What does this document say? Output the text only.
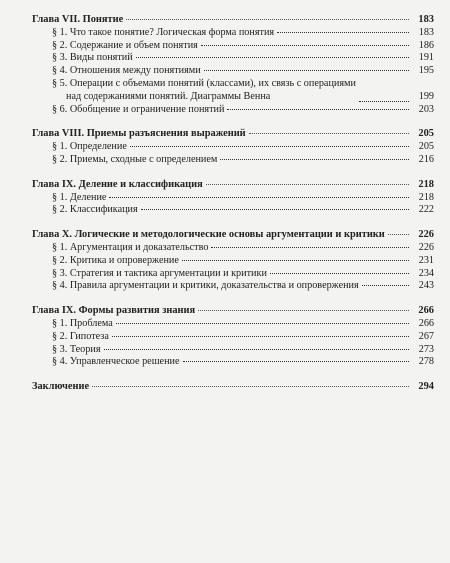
Глава VII. Понятие	183
§ 1. Что такое понятие? Логическая форма понятия	183
§ 2. Содержание и объем понятия	186
§ 3. Виды понятий	191
§ 4. Отношения между понятиями	195
§ 5. Операции с объемами понятий (классами), их связь с операциями
над содержаниями понятий. Диаграммы Венна	199
§ 6. Обобщение и ограничение понятий	203
Глава VIII. Приемы разъяснения выражений	205
§ 1. Определение	205
§ 2. Приемы, сходные с определением	216
Глава IX. Деление и классификация	218
§ 1. Деление	218
§ 2. Классификация	222
Глава X. Логические и методологические основы аргументации и критики	226
§ 1. Аргументация и доказательство	226
§ 2. Критика и опровержение	231
§ 3. Стратегия и тактика аргументации и критики	234
§ 4. Правила аргументации и критики, доказательства и опровержения	243
Глава IX. Формы развития знания	266
§ 1. Проблема	266
§ 2. Гипотеза	267
§ 3. Теория	273
§ 4. Управленческое решение	278
Заключение	294
